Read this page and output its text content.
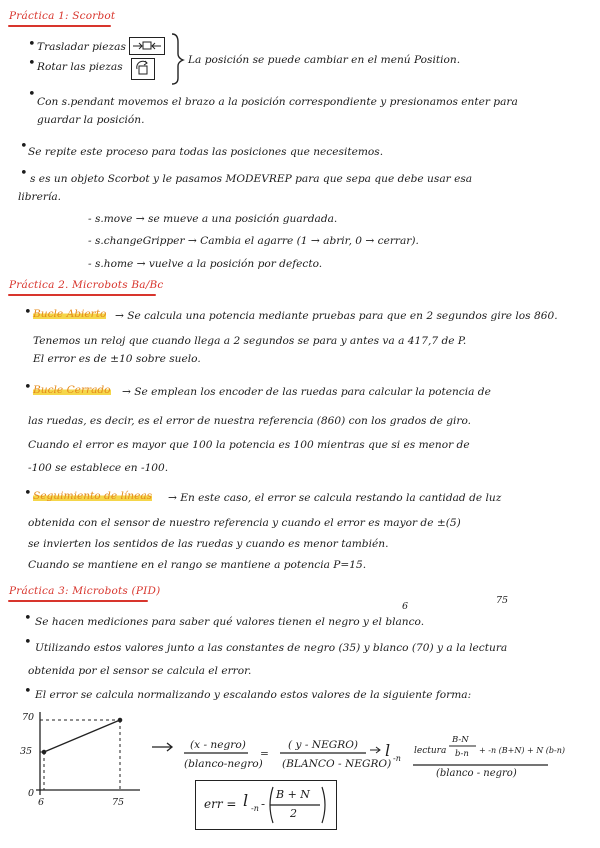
Práctica 1: Scorbot
• Trasladar piezas
• Rotar las piezas
La posición se puede cambiar en el menú Position.
• Con s.pendant movemos el brazo a la posición correspondiente y presionamos enter para
guardar la posición.
• Se repite este proceso para todas las posiciones que necesitemos.
• s es un objeto Scorbot y le pasamos MODEVREP para que sepa que debe usar esa
librería.
- s.move → se mueve a una posición guardada.
- s.changeGripper → Cambia el agarre (1 → abrir, 0 → cerrar).
- s.home → vuelve a la posición por defecto.
Práctica 2. Microbots Ba/Bc
• Bucle Abierto → Se calcula una potencia mediante pruebas para que en 2 segundos gire los 860.
Tenemos un reloj que cuando llega a 2 segundos se para y antes va a 417,7 de P.
El error es de ±10 sobre suelo.
• Bucle Cerrado → Se emplean los encoder de las ruedas para calcular la potencia de
las ruedas, es decir, es el error de nuestra referencia (860) con los grados de giro.
Cuando el error es mayor que 100 la potencia es 100 mientras que si es menor de
-100 se establece en -100.
• Seguimiento de líneas → En este caso, el error se calcula restando la cantidad de luz
obtenida con el sensor de nuestro referencia y cuando el error es mayor de ±(5)
se invierten los sentidos de las ruedas y cuando es menor también.
Cuando se mantiene en el rango se mantiene a potencia P=15.
Práctica 3: Microbots (PID)
• Se hacen mediciones para saber qué valores tienen el negro y el blanco.
6
75
• Utilizando estos valores junto a las constantes de negro (35) y blanco (70) y a la lectura
obtenida por el sensor se calcula el error.
• El error se calcula normalizando y escalando estos valores de la siguiente forma:
70
35
0
6	75
(x - negro)
(blanco-negro)
=
( y - NEGRO)
(BLANCO - NEGRO)
l -n
lectura
B-N
b-n + -n (B+N) + N (b-n)
(blanco - negro)
err = l -n -
B + N
2
